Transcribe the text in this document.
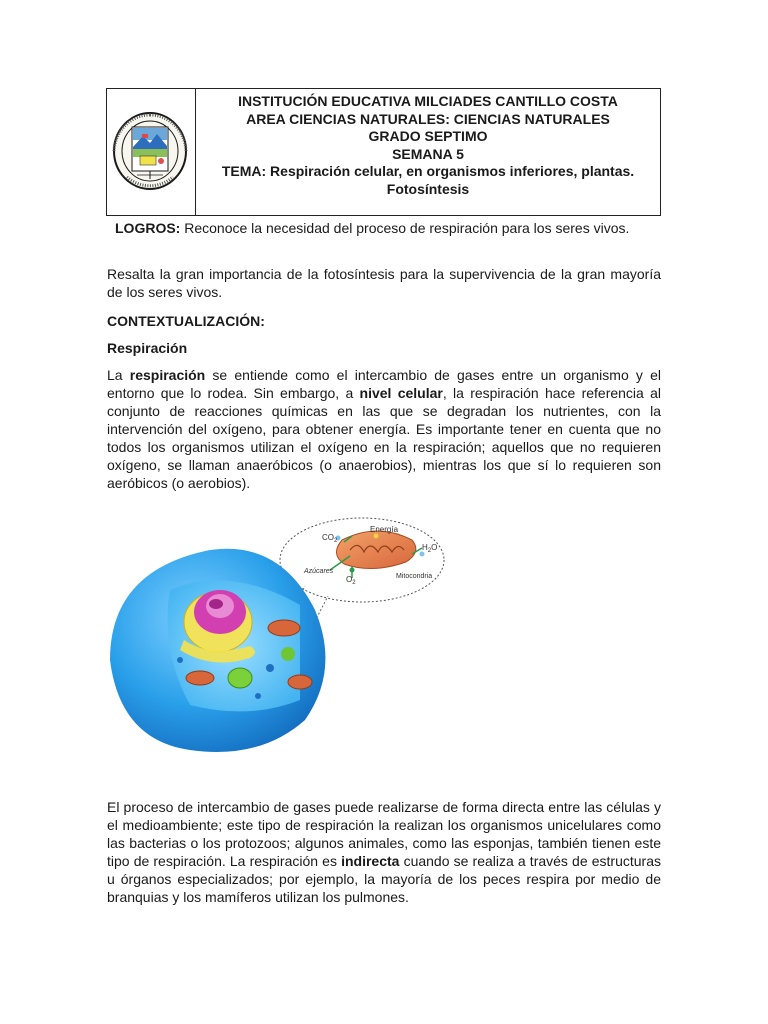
INSTITUCIÓN EDUCATIVA MILCIADES CANTILLO COSTA
AREA CIENCIAS NATURALES: CIENCIAS NATURALES
GRADO SEPTIMO
SEMANA 5
TEMA: Respiración celular, en organismos inferiores, plantas.
Fotosíntesis

LOGROS: Reconoce la necesidad del proceso de respiración para los seres vivos.

Resalta la gran importancia de la fotosíntesis para la supervivencia de la gran mayoría de los seres vivos.

CONTEXTUALIZACIÓN:

Respiración

La respiración se entiende como el intercambio de gases entre un organismo y el entorno que lo rodea. Sin embargo, a nivel celular, la respiración hace referencia al conjunto de reacciones químicas en las que se degradan los nutrientes, con la intervención del oxígeno, para obtener energía. Es importante tener en cuenta que no todos los organismos utilizan el oxígeno en la respiración; aquellos que no requieren oxígeno, se llaman anaeróbicos (o anaerobios), mientras los que sí lo requieren son aeróbicos (o aerobios).

$CO_2$
Energía
$H_2O$
Azúcares
$O_2$
Mitocondria

El proceso de intercambio de gases puede realizarse de forma directa entre las células y el medioambiente; este tipo de respiración la realizan los organismos unicelulares como las bacterias o los protozoos; algunos animales, como las esponjas, también tienen este tipo de respiración. La respiración es indirecta cuando se realiza a través de estructuras u órganos especializados; por ejemplo, la mayoría de los peces respira por medio de branquias y los mamíferos utilizan los pulmones.
